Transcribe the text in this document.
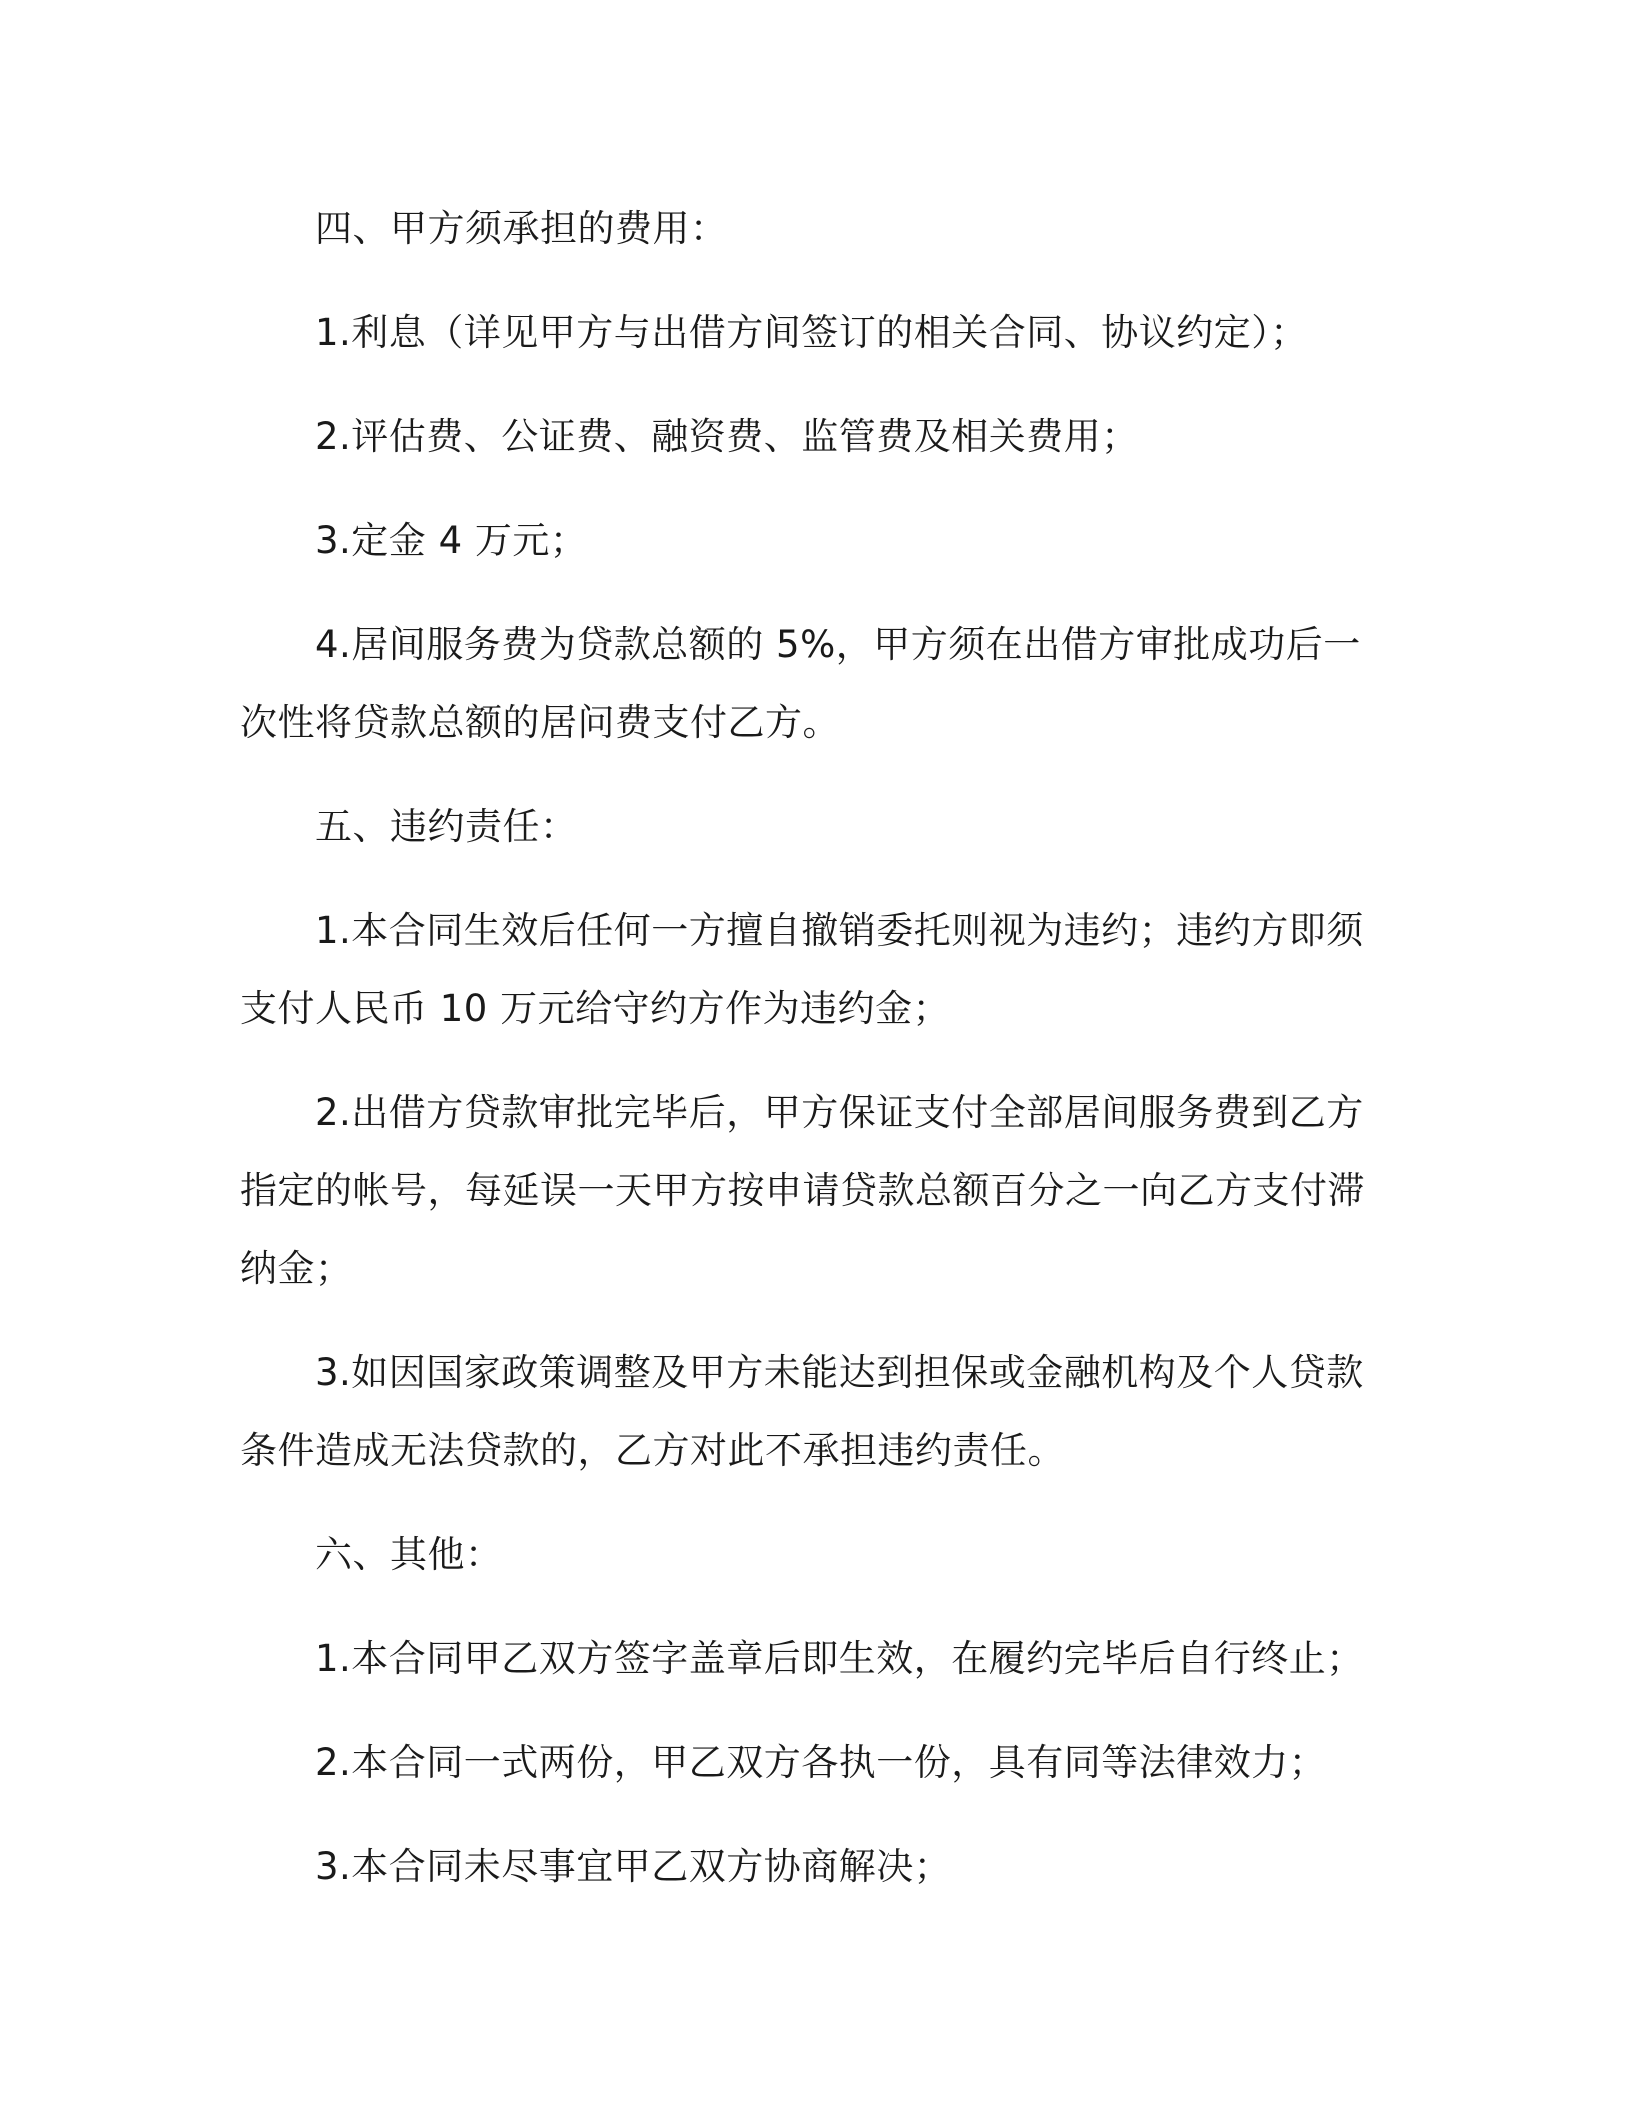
四、甲方须承担的费用：

1.利息（详见甲方与出借方间签订的相关合同、协议约定）；

2.评估费、公证费、融资费、监管费及相关费用；

3.定金 4 万元；

4.居间服务费为贷款总额的 5%，甲方须在出借方审批成功后一次性将贷款总额的居问费支付乙方。

五、违约责任：

1.本合同生效后任何一方擅自撤销委托则视为违约；违约方即须支付人民币 10 万元给守约方作为违约金；

2.出借方贷款审批完毕后，甲方保证支付全部居间服务费到乙方指定的帐号，每延误一天甲方按申请贷款总额百分之一向乙方支付滞纳金；

3.如因国家政策调整及甲方未能达到担保或金融机构及个人贷款条件造成无法贷款的，乙方对此不承担违约责任。

六、其他：

1.本合同甲乙双方签字盖章后即生效，在履约完毕后自行终止；

2.本合同一式两份，甲乙双方各执一份，具有同等法律效力；

3.本合同未尽事宜甲乙双方协商解决；
